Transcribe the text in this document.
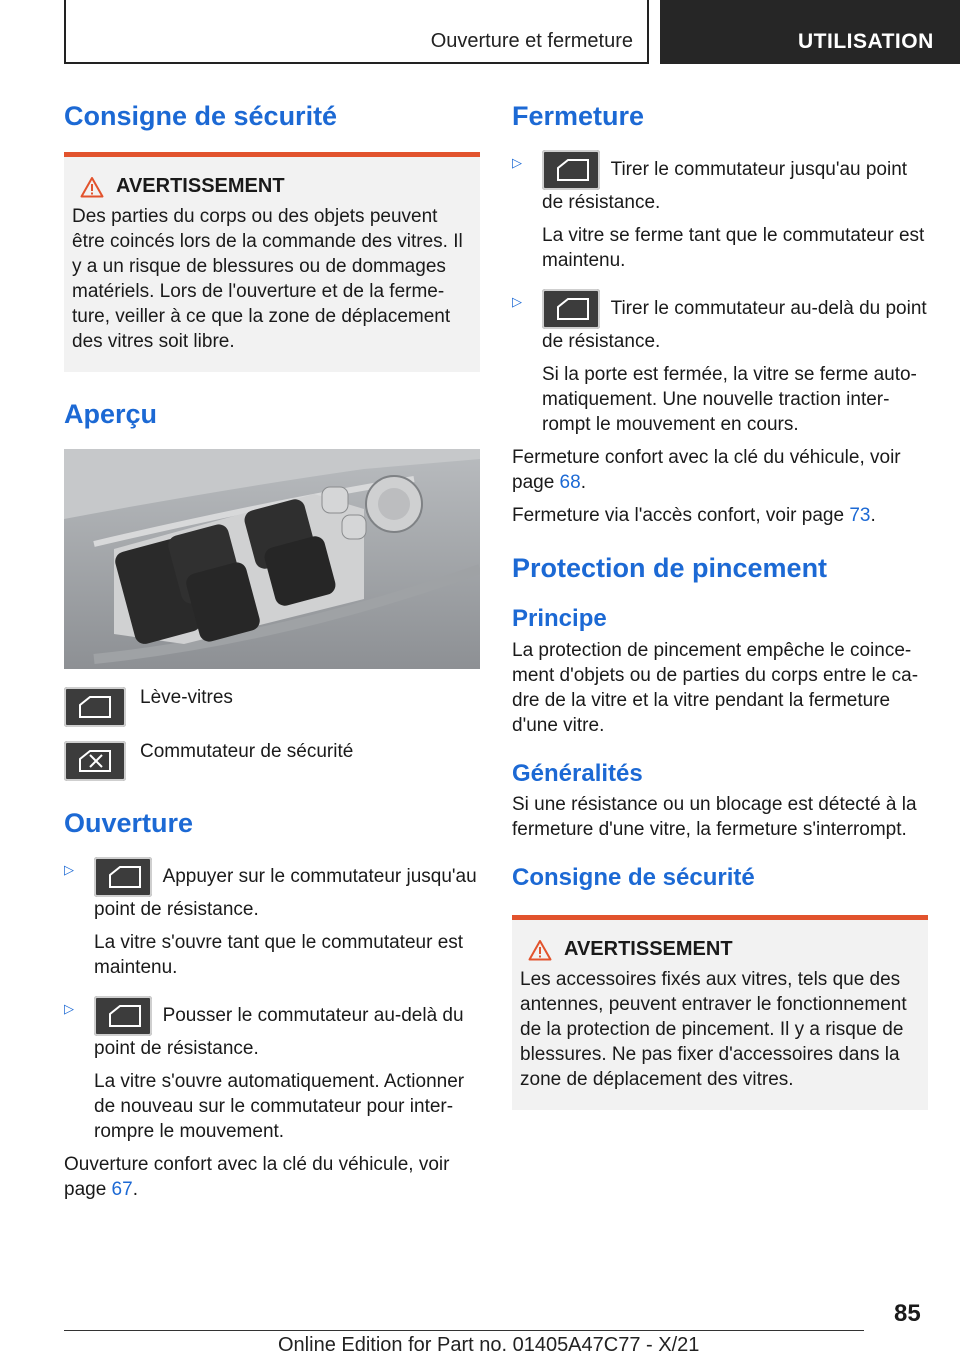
Ouverture et fermeture	UTILISATION
Consigne de sécurité
AVERTISSEMENT
Des parties du corps ou des objets peuvent être coincés lors de la commande des vitres. Il y a un risque de blessures ou de dommages matériels. Lors de l'ouverture et de la ferme-ture, veiller à ce que la zone de déplacement des vitres soit libre.
Aperçu

Lève-vitres

Commutateur de sécurité

Ouverture
▷	Appuyer sur le commutateur jusqu'au point de résistance.

La vitre s'ouvre tant que le commutateur est maintenu.

▷	Pousser le commutateur au-delà du point de résistance.

La vitre s'ouvre automatiquement. Actionner de nouveau sur le commutateur pour inter-rompre le mouvement.

Ouverture confort avec la clé du véhicule, voir page 67.

Fermeture
▷	Tirer le commutateur jusqu'au point de résistance.

La vitre se ferme tant que le commutateur est maintenu.

▷	Tirer le commutateur au-delà du point de résistance.

Si la porte est fermée, la vitre se ferme auto-matiquement. Une nouvelle traction inter-rompt le mouvement en cours.

Fermeture confort avec la clé du véhicule, voir page 68.

Fermeture via l'accès confort, voir page 73.

Protection de pincement
Principe

La protection de pincement empêche le coince-ment d'objets ou de parties du corps entre le ca-dre de la vitre et la vitre pendant la fermeture d'une vitre.

Généralités

Si une résistance ou un blocage est détecté à la fermeture d'une vitre, la fermeture s'interrompt.

Consigne de sécurité
AVERTISSEMENT
Les accessoires fixés aux vitres, tels que des antennes, peuvent entraver le fonctionnement de la protection de pincement. Il y a risque de blessures. Ne pas fixer d'accessoires dans la zone de déplacement des vitres.
85
Online Edition for Part no. 01405A47C77 - X/21
